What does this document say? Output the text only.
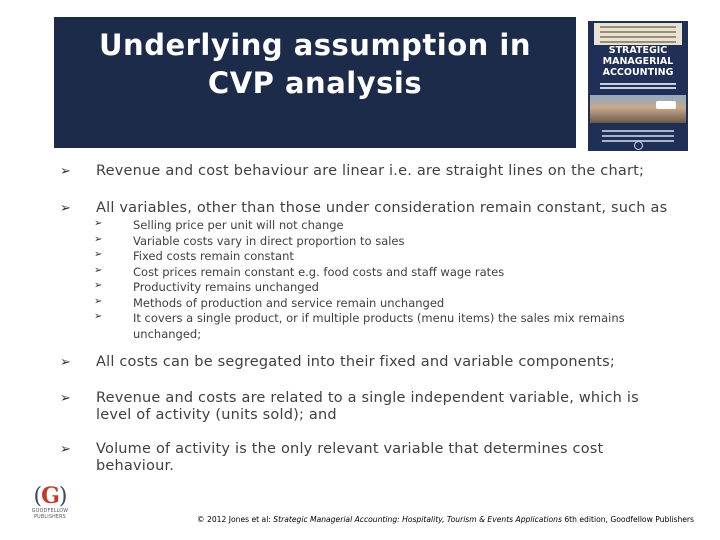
Underlying assumption in
CVP analysis
STRATEGIC
MANAGERIAL
ACCOUNTING
➢ Revenue and cost behaviour are linear i.e. are straight lines on the chart;
➢ All variables, other than those under consideration remain constant, such as
➢	Selling price per unit will not change
➢	Variable costs vary in direct proportion to sales
➢	Fixed costs remain constant
➢	Cost prices remain constant e.g. food costs and staff wage rates
➢	Productivity remains unchanged
➢	Methods of production and service remain unchanged
➢	It covers a single product, or if multiple products (menu items) the sales mix remains unchanged;
➢ All costs can be segregated into their fixed and variable components;
➢ Revenue and costs are related to a single independent variable, which is level of activity (units sold); and
➢ Volume of activity is the only relevant variable that determines cost behaviour.
(G)
GOODFELLOW
PUBLISHERS	© 2012 Jones et al: Strategic Managerial Accounting: Hospitality, Tourism & Events Applications 6th edition, Goodfellow Publishers
